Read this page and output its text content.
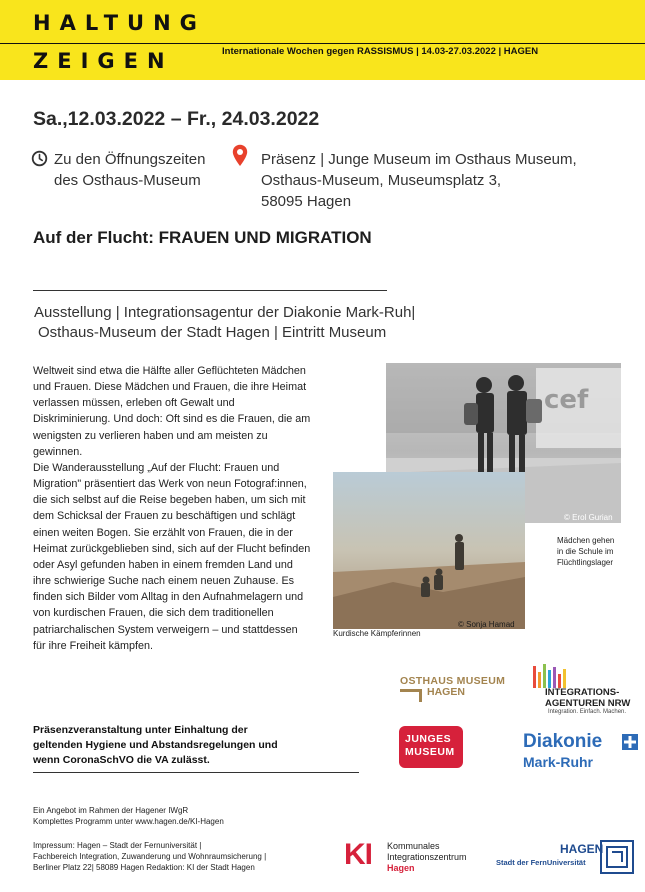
HALTUNG
ZEIGEN	Internationale Wochen gegen RASSISMUS | 14.03-27.03.2022 | HAGEN
Sa.,12.03.2022 – Fr., 24.03.2022
Zu den Öffnungszeiten
des Osthaus-Museum
Präsenz | Junge Museum im Osthaus Museum,
Osthaus-Museum, Museumsplatz 3,
58095 Hagen
Auf der Flucht: FRAUEN UND MIGRATION
Ausstellung | Integrationsagentur der Diakonie Mark-Ruh|
Osthaus-Museum der Stadt Hagen | Eintritt Museum

Weltweit sind etwa die Hälfte aller Geflüchteten Mädchen und Frauen. Diese Mädchen und Frauen, die ihre Heimat verlassen müssen, erleben oft Gewalt und Diskriminierung. Und doch: Oft sind es die Frauen, die am wenigsten zu verlieren haben und am meisten zu gewinnen.

Die Wanderausstellung „Auf der Flucht: Frauen und Migration" präsentiert das Werk von neun Fotograf:innen, die sich selbst auf die Reise begeben haben, um sich mit dem Schicksal der Frauen zu beschäftigen und schlägt einen weiten Bogen. Sie erzählt von Frauen, die in der Heimat zurückgeblieben sind, sich auf der Flucht befinden oder Asyl gefunden haben in einem fremden Land und ihre schwierige Suche nach einem neuen Zuhause. Es finden sich Bilder vom Alltag in den Aufnahmelagern und von kurdischen Frauen, die sich dem traditionellen patriarchalischen System verweigern – und stattdessen für ihre Freiheit kämpfen.

cef
© Erol Gurian
Mädchen gehen
in die Schule im
Flüchtlingslager
© Sonja Hamad
Kurdische Kämpferinnen
Präsenzveranstaltung unter Einhaltung der
geltenden Hygiene und Abstandsregelungen und
wenn CoronaSchVO die VA zulässt.
OSTHAUS MUSEUM
HAGEN	INTEGRATIONS-
AGENTUREN NRW
Integration. Einfach. Machen.
JUNGES
MUSEUM	Diakonie
Mark-Ruhr
Ein Angebot im Rahmen der Hagener IWgR
Komplettes Programm unter www.hagen.de/KI-Hagen
Impressum: Hagen – Stadt der Fernuniversität |
Fachbereich Integration, Zuwanderung und Wohnraumsicherung |
Berliner Platz 22| 58089 Hagen Redaktion: KI der Stadt Hagen	KI Kommunales
Integrationszentrum
Hagen
HAGEN
Stadt der FernUniversität
